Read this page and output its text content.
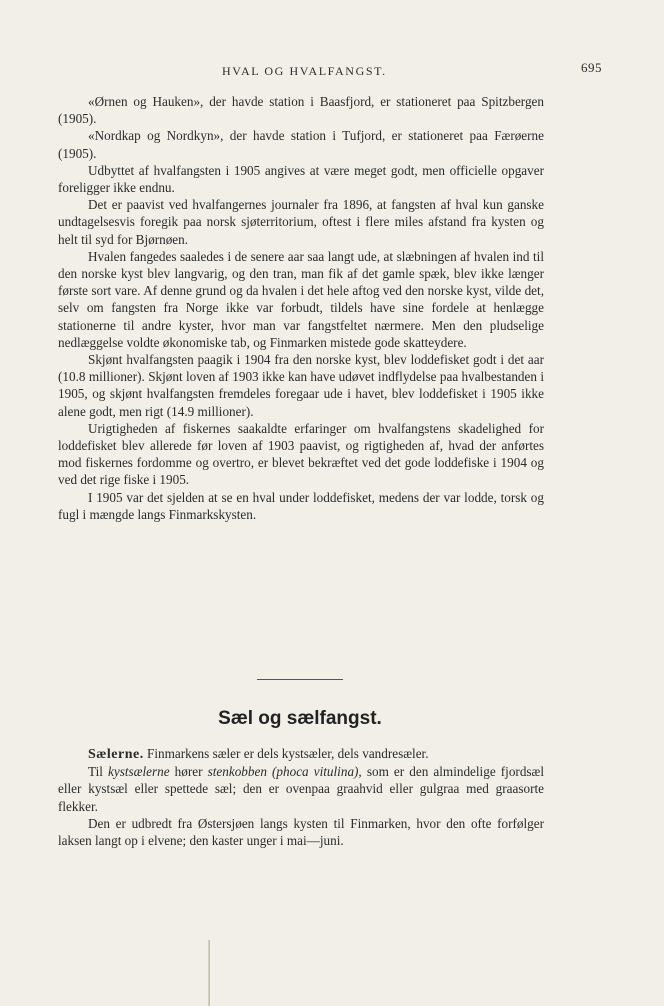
HVAL OG HVALFANGST.	695

«Ørnen og Hauken», der havde station i Baasfjord, er stationeret paa Spitzbergen (1905).

«Nordkap og Nordkyn», der havde station i Tufjord, er stationeret paa Færøerne (1905).

Udbyttet af hvalfangsten i 1905 angives at være meget godt, men officielle opgaver foreligger ikke endnu.

Det er paavist ved hvalfangernes journaler fra 1896, at fangsten af hval kun ganske undtagelsesvis foregik paa norsk sjøterritorium, oftest i flere miles afstand fra kysten og helt til syd for Bjørnøen.

Hvalen fangedes saaledes i de senere aar saa langt ude, at slæbningen af hvalen ind til den norske kyst blev langvarig, og den tran, man fik af det gamle spæk, blev ikke længer første sort vare. Af denne grund og da hvalen i det hele aftog ved den norske kyst, vilde det, selv om fangsten fra Norge ikke var forbudt, tildels have sine fordele at henlægge stationerne til andre kyster, hvor man var fangstfeltet nærmere. Men den pludselige nedlæggelse voldte økonomiske tab, og Finmarken mistede gode skatteydere.

Skjønt hvalfangsten paagik i 1904 fra den norske kyst, blev loddefisket godt i det aar (10.8 millioner). Skjønt loven af 1903 ikke kan have udøvet indflydelse paa hvalbestanden i 1905, og skjønt hvalfangsten fremdeles foregaar ude i havet, blev loddefisket i 1905 ikke alene godt, men rigt (14.9 millioner).

Urigtigheden af fiskernes saakaldte erfaringer om hvalfangstens skadelighed for loddefisket blev allerede før loven af 1903 paavist, og rigtigheden af, hvad der anførtes mod fiskernes fordomme og overtro, er blevet bekræftet ved det gode loddefiske i 1904 og ved det rige fiske i 1905.

I 1905 var det sjelden at se en hval under loddefisket, medens der var lodde, torsk og fugl i mængde langs Finmarkskysten.

Sæl og sælfangst.

Sælerne. Finmarkens sæler er dels kystsæler, dels vandresæler.

Til kystsælerne hører stenkobben (phoca vitulina), som er den almindelige fjordsæl eller kystsæl eller spettede sæl; den er ovenpaa graahvid eller gulgraa med graasorte flekker.

Den er udbredt fra Østersjøen langs kysten til Finmarken, hvor den ofte forfølger laksen langt op i elvene; den kaster unger i mai—juni.
